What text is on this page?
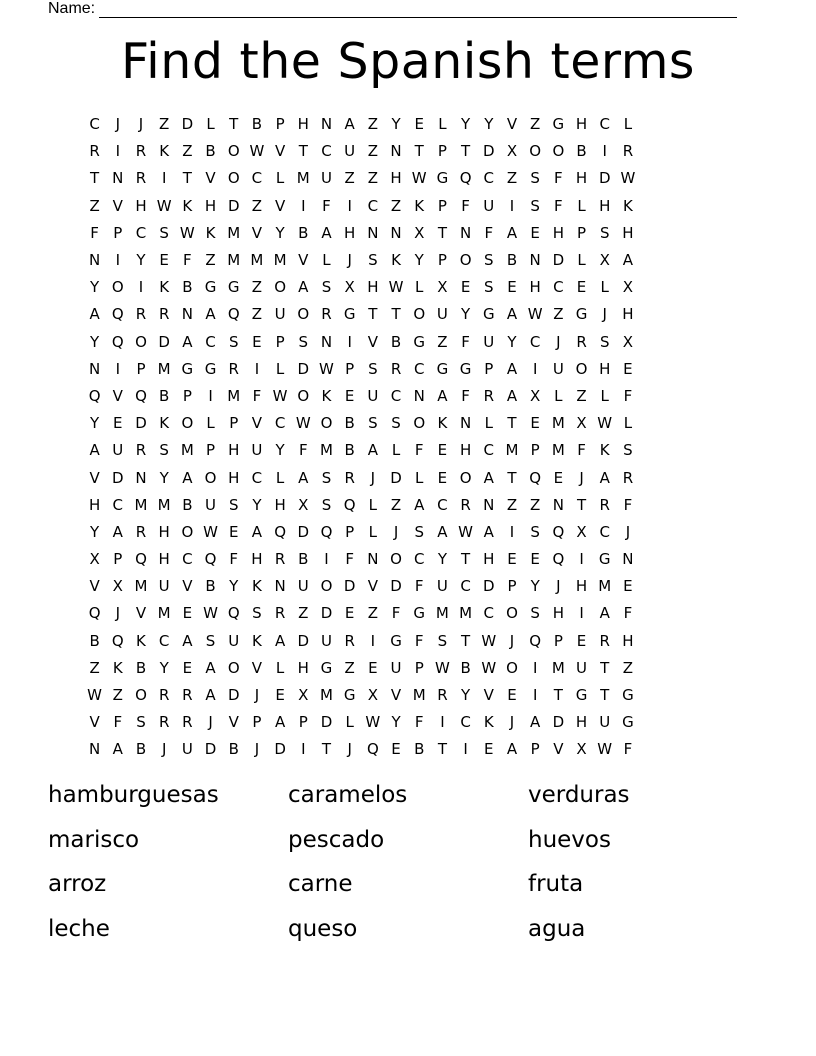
Name:
Find the Spanish terms
C	J	J	Z D L T B P H N A Z Y E L Y Y V Z G H C L
R	I	R K Z B O W V T C U Z N T P T D X O O B	I	R
T N R	I	T V O C L M U Z Z H W G Q C Z S F H D W
Z V H W K H D Z V	I	F	I	C Z K P F U	I	S F L H K
F P C S W K M V Y B A H N N X T N F A E H P S H
N	I	Y E F Z M M M V L	J	S K Y P O S B N D L X A
Y O	I	K B G G Z O A S X H W L X E S E H C E L X
A Q R R N A Q Z U O R G T T O U Y G A W Z G	J	H
Y Q O D A C S E P S N	I	V B G Z F U Y C	J	R S X
N	I	P M G G R	I	L D W P S R C G G P A	I	U O H E
Q V Q B P	I M F W O K E U C N A F R A X L Z L F
Y E D K O L P V C W O B S S O K N L T E M X W L
A U R S M P H U Y F M B A L F E H C M P M F K S
V D N Y A O H C L A S R	J	D L E O A T Q E	J	A R
H C M M B U S Y H X S Q L Z A C R N Z Z N T R F
Y A R H O W E A Q D Q P L	J	S A W A	I	S Q X C	J
X P Q H C Q F H R B	I	F N O C Y T H E E Q	I	G N
V X M U V B Y K N U O D V D F U C D P Y	J	H M E
Q	J	V M E W Q S R Z D E Z F G M M C O S H	I	A F
B Q K C A S U K A D U R	I	G F S T W J	Q P E R H
Z K B Y E A O V L H G Z E U P W B W O	I M U T Z
W Z O R R A D	J	E X M G X V M R Y V E	I	T G T G
V F S R R	J	V P A P D L W Y F	I	C K	J	A D H U G
N A B	J	U D B	J	D	I	T	J	Q E B T	I	E A P V X W F
hamburguesas	caramelos	verduras
marisco	pescado	huevos
arroz	carne	fruta
leche	queso	agua
